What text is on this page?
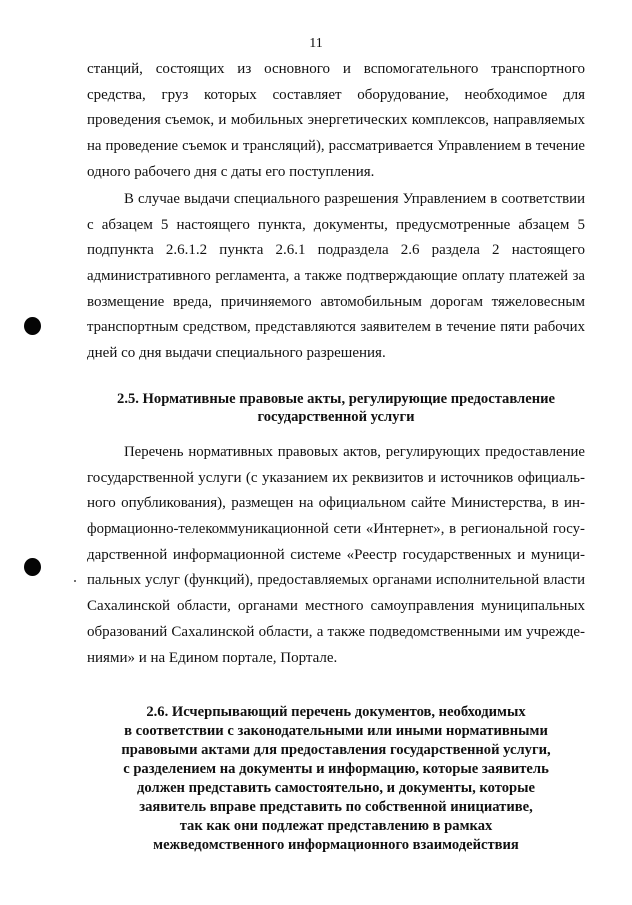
11
станций, состоящих из основного и вспомогательного транспортного
средства, груз которых составляет оборудование, необходимое для
проведения съемок, и мобильных энергетических комплексов, направляемых
на проведение съемок и трансляций), рассматривается Управлением в течение
одного рабочего дня с даты его поступления.
В случае выдачи специального разрешения Управлением в соответствии
с абзацем 5 настоящего пункта, документы, предусмотренные абзацем 5
подпункта 2.6.1.2 пункта 2.6.1 подраздела 2.6 раздела 2 настоящего
административного регламента, а также подтверждающие оплату платежей за
возмещение вреда, причиняемого автомобильным дорогам тяжеловесным
транспортным средством, представляются заявителем в течение пяти рабочих
дней со дня выдачи специального разрешения.
2.5. Нормативные правовые акты, регулирующие предоставление
государственной услуги
Перечень нормативных правовых актов, регулирующих предоставление
государственной услуги (с указанием их реквизитов и источников официаль-
ного опубликования), размещен на официальном сайте Министерства, в ин-
формационно-телекоммуникационной сети «Интернет», в региональной госу-
дарственной информационной системе «Реестр государственных и муници-
пальных услуг (функций), предоставляемых органами исполнительной власти
Сахалинской области, органами местного самоуправления муниципальных
образований Сахалинской области, а также подведомственными им учрежде-
ниями» и на Едином портале, Портале.
2.6. Исчерпывающий перечень документов, необходимых
в соответствии с законодательными или иными нормативными
правовыми актами для предоставления государственной услуги,
с разделением на документы и информацию, которые заявитель
должен представить самостоятельно, и документы, которые
заявитель вправе представить по собственной инициативе,
так как они подлежат представлению в рамках
межведомственного информационного взаимодействия
